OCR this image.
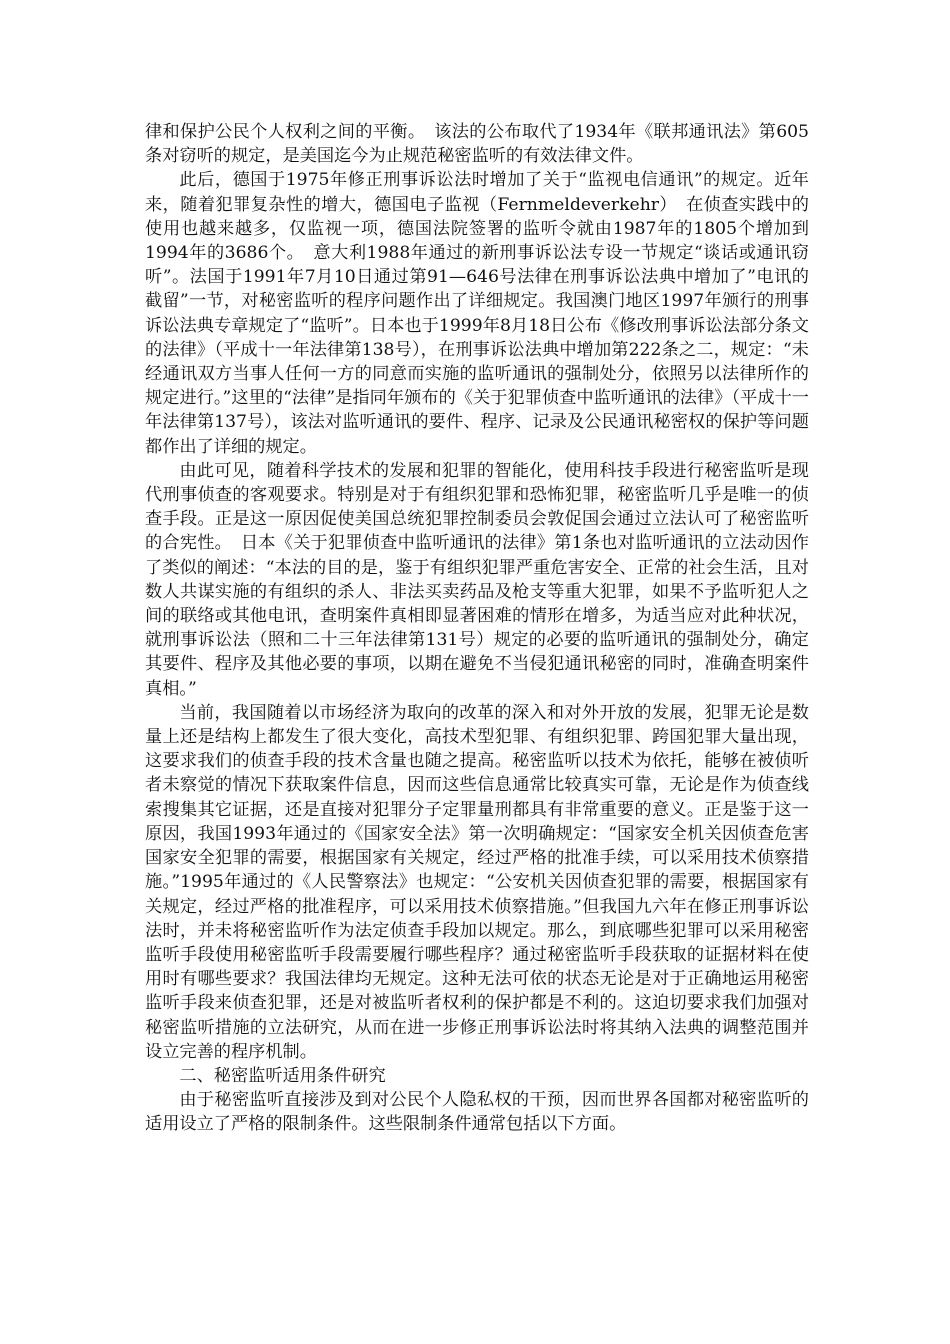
律和保护公民个人权利之间的平衡。　该法的公布取代了1934年《联邦通讯法》第605条对窃听的规定，是美国迄今为止规范秘密监听的有效法律文件。

此后，德国于1975年修正刑事诉讼法时增加了关于“监视电信通讯”的规定。近年来，随着犯罪复杂性的增大，德国电子监视（Fernmeldeverkehr）　在侦查实践中的使用也越来越多，仅监视一项，德国法院签署的监听令就由1987年的1805个增加到1994年的3686个。　意大利1988年通过的新刑事诉讼法专设一节规定“谈话或通讯窃听”。法国于1991年7月10日通过第91—646号法律在刑事诉讼法典中增加了”电讯的截留”一节，对秘密监听的程序问题作出了详细规定。我国澳门地区1997年颁行的刑事诉讼法典专章规定了“监听”。日本也于1999年8月18日公布《修改刑事诉讼法部分条文的法律》（平成十一年法律第138号），在刑事诉讼法典中增加第222条之二，规定：“未经通讯双方当事人任何一方的同意而实施的监听通讯的强制处分，依照另以法律所作的规定进行。”这里的“法律”是指同年颁布的《关于犯罪侦查中监听通讯的法律》（平成十一年法律第137号），该法对监听通讯的要件、程序、记录及公民通讯秘密权的保护等问题都作出了详细的规定。

由此可见，随着科学技术的发展和犯罪的智能化，使用科技手段进行秘密监听是现代刑事侦查的客观要求。特别是对于有组织犯罪和恐怖犯罪，秘密监听几乎是唯一的侦查手段。正是这一原因促使美国总统犯罪控制委员会敦促国会通过立法认可了秘密监听的合宪性。　日本《关于犯罪侦查中监听通讯的法律》第1条也对监听通讯的立法动因作了类似的阐述：“本法的目的是，鉴于有组织犯罪严重危害安全、正常的社会生活，且对数人共谋实施的有组织的杀人、非法买卖药品及枪支等重大犯罪，如果不予监听犯人之间的联络或其他电讯，查明案件真相即显著困难的情形在增多，为适当应对此种状况，就刑事诉讼法（照和二十三年法律第131号）规定的必要的监听通讯的强制处分，确定其要件、程序及其他必要的事项，以期在避免不当侵犯通讯秘密的同时，准确查明案件真相。”

当前，我国随着以市场经济为取向的改革的深入和对外开放的发展，犯罪无论是数量上还是结构上都发生了很大变化，高技术型犯罪、有组织犯罪、跨国犯罪大量出现，这要求我们的侦查手段的技术含量也随之提高。秘密监听以技术为依托，能够在被侦听者未察觉的情况下获取案件信息，因而这些信息通常比较真实可靠，无论是作为侦查线索搜集其它证据，还是直接对犯罪分子定罪量刑都具有非常重要的意义。正是鉴于这一原因，我国1993年通过的《国家安全法》第一次明确规定：“国家安全机关因侦查危害国家安全犯罪的需要，根据国家有关规定，经过严格的批准手续，可以采用技术侦察措施。”1995年通过的《人民警察法》也规定：“公安机关因侦查犯罪的需要，根据国家有关规定，经过严格的批准程序，可以采用技术侦察措施。”但我国九六年在修正刑事诉讼法时，并未将秘密监听作为法定侦查手段加以规定。那么，到底哪些犯罪可以采用秘密监听手段使用秘密监听手段需要履行哪些程序？通过秘密监听手段获取的证据材料在使用时有哪些要求？我国法律均无规定。这种无法可依的状态无论是对于正确地运用秘密监听手段来侦查犯罪，还是对被监听者权利的保护都是不利的。这迫切要求我们加强对秘密监听措施的立法研究，从而在进一步修正刑事诉讼法时将其纳入法典的调整范围并设立完善的程序机制。

二、秘密监听适用条件研究

由于秘密监听直接涉及到对公民个人隐私权的干预，因而世界各国都对秘密监听的适用设立了严格的限制条件。这些限制条件通常包括以下方面。
